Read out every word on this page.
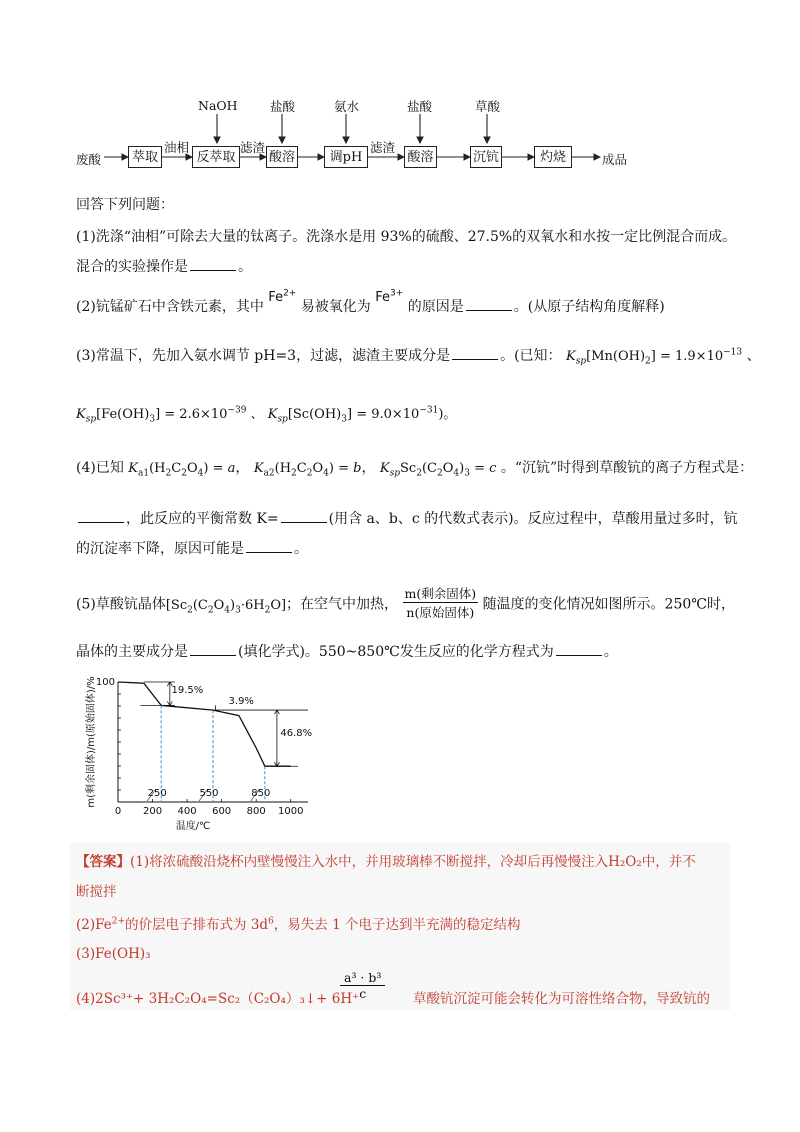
废酸	萃取	反萃取	酸溶	调pH	酸溶	沉钪	灼烧	成品
油相	滤渣	滤渣
NaOH	盐酸	氨水	盐酸	草酸
回答下列问题：
(1)洗涤“油相”可除去大量的钛离子。洗涤水是用 93%的硫酸、27.5%的双氧水和水按一定比例混合而成。
混合的实验操作是	。
(2)钪锰矿石中含铁元素，其中 $Fe^{2+}$ 易被氧化为 $Fe^{3+}$ 的原因是	。(从原子结构角度解释)
(3)常温下，先加入氨水调节 pH=3，过滤，滤渣主要成分是	。(已知： $K_{sp}[Mn(OH)_2] = 1.9\times 10^{-13}$ 、
$K_{sp}[Fe(OH)_3] = 2.6\times 10^{-39}$ 、 $K_{sp}[Sc(OH)_3] = 9.0\times 10^{-31}$)。
(4)已知 $K_{a1}(H_2C_2O_4) = a$， $K_{a2}(H_2C_2O_4) = b$， $K_{sp}Sc_2(C_2O_4)_3 = c$ 。“沉钪”时得到草酸钪的离子方程式是：
，此反应的平衡常数 K=	(用含 a、b、c 的代数式表示)。反应过程中，草酸用量过多时，钪
的沉淀率下降，原因可能是	。
(5)草酸钪晶体$[Sc_2(C_2O_4)_3\cdot 6H_2O]$；在空气中加热，
m(剩余固体)
n(原始固体) 随温度的变化情况如图所示。250℃时，
晶体的主要成分是	(填化学式)。550~850℃发生反应的化学方程式为	。
100
0 200 400 600 800 1000
温度/℃
m(剩余固体)/m(原始固体)/%	250	550	850
19.5%
3.9%
46.8%
【答案】(1)将浓硫酸沿烧杯内壁慢慢注入水中，并用玻璃棒不断搅拌，冷却后再慢慢注入H₂O₂中，并不
断搅拌
$(2)Fe^{2+}$的价层电子排布式为 $3d^6$，易失去 1 个电子达到半充满的稳定结构
(3)Fe(OH)₃
(4)2Sc³⁺+ 3H₂C₂O₄=Sc₂（C₂O₄）₃↓+ 6H⁺
$\frac{\text{a³ · b³}}{c}$ 草酸钪沉淀可能会转化为可溶性络合物，导致钪的
